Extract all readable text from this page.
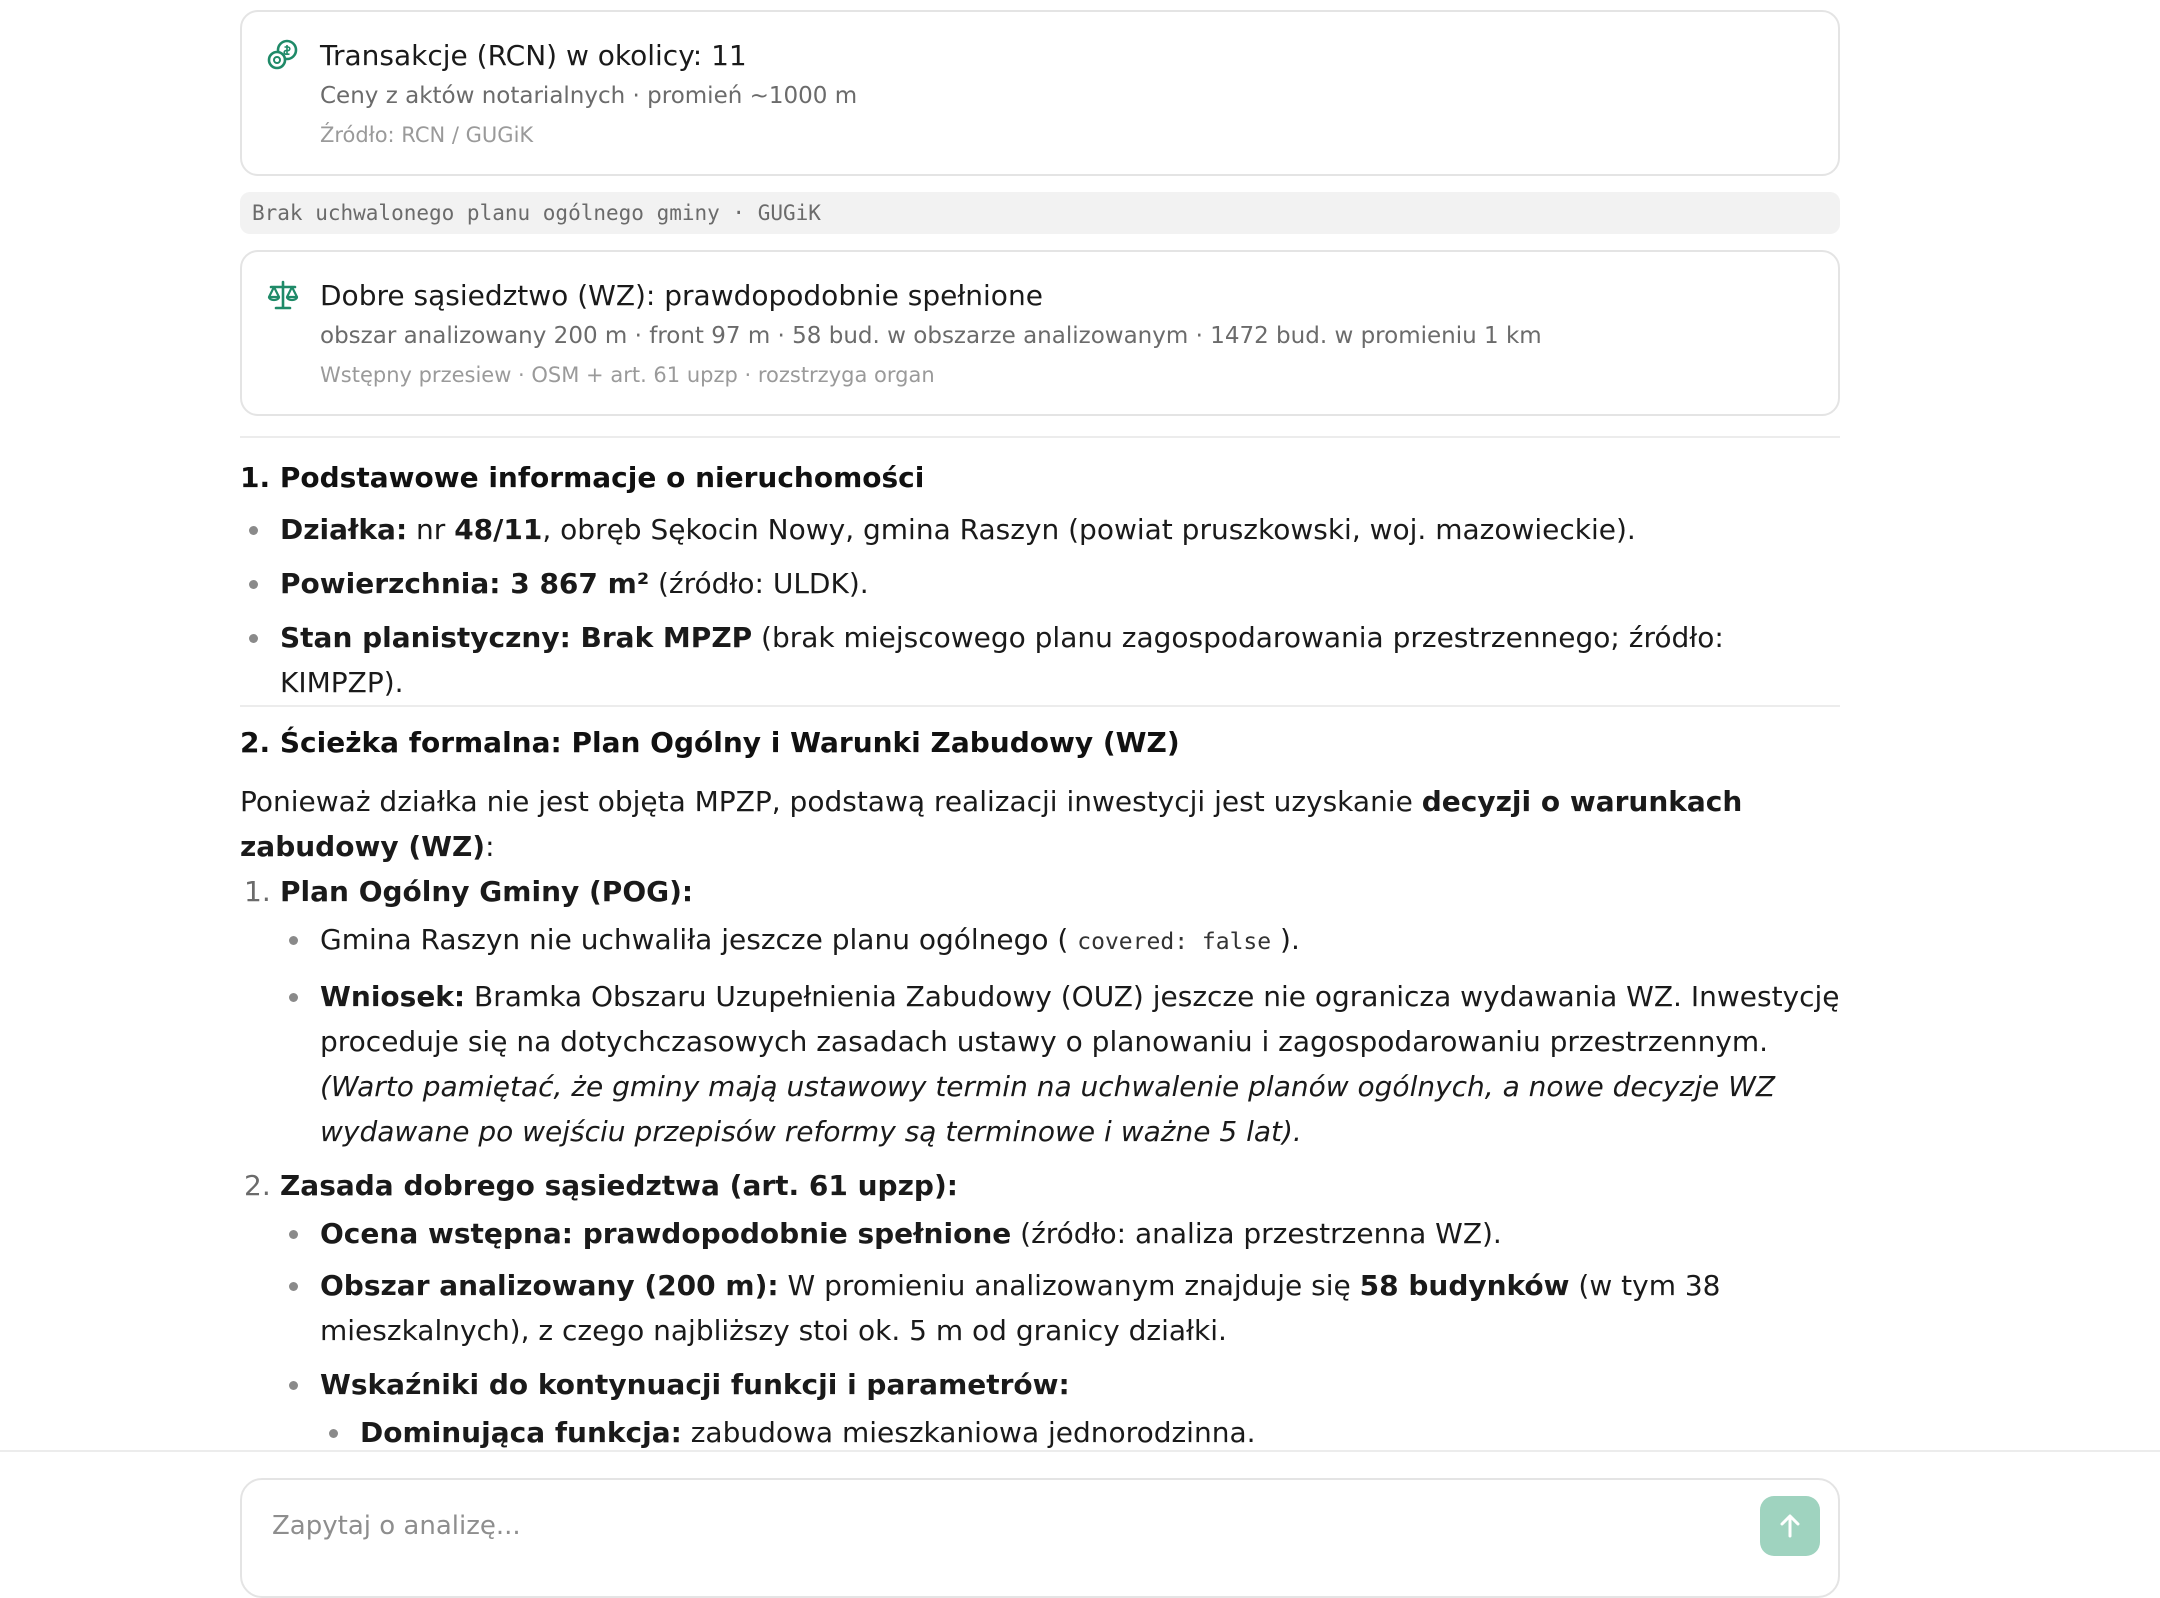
Transakcje (RCN) w okolicy: 11
Ceny z aktów notarialnych · promień ~1000 m
Źródło: RCN / GUGiK
Brak uchwalonego planu ogólnego gminy · GUGiK
Dobre sąsiedztwo (WZ): prawdopodobnie spełnione
obszar analizowany 200 m · front 97 m · 58 bud. w obszarze analizowanym · 1472 bud. w promieniu 1 km
Wstępny przesiew · OSM + art. 61 upzp · rozstrzyga organ
1. Podstawowe informacje o nieruchomości
Działka: nr 48/11, obręb Sękocin Nowy, gmina Raszyn (powiat pruszkowski, woj. mazowieckie).
Powierzchnia: 3 867 m² (źródło: ULDK).
Stan planistyczny: Brak MPZP (brak miejscowego planu zagospodarowania przestrzennego; źródło: KIMPZP).
2. Ścieżka formalna: Plan Ogólny i Warunki Zabudowy (WZ)
Ponieważ działka nie jest objęta MPZP, podstawą realizacji inwestycji jest uzyskanie decyzji o warunkach zabudowy (WZ):
1. Plan Ogólny Gminy (POG):
Gmina Raszyn nie uchwaliła jeszcze planu ogólnego ( covered: false ).
Wniosek: Bramka Obszaru Uzupełnienia Zabudowy (OUZ) jeszcze nie ogranicza wydawania WZ. Inwestycję proceduje się na dotychczasowych zasadach ustawy o planowaniu i zagospodarowaniu przestrzennym. (Warto pamiętać, że gminy mają ustawowy termin na uchwalenie planów ogólnych, a nowe decyzje WZ wydawane po wejściu przepisów reformy są terminowe i ważne 5 lat).
2. Zasada dobrego sąsiedztwa (art. 61 upzp):
Ocena wstępna: prawdopodobnie spełnione (źródło: analiza przestrzenna WZ).
Obszar analizowany (200 m): W promieniu analizowanym znajduje się 58 budynków (w tym 38 mieszkalnych), z czego najbliższy stoi ok. 5 m od granicy działki.
Wskaźniki do kontynuacji funkcji i parametrów:
Dominująca funkcja: zabudowa mieszkaniowa jednorodzinna.
Zapytaj o analizę...
